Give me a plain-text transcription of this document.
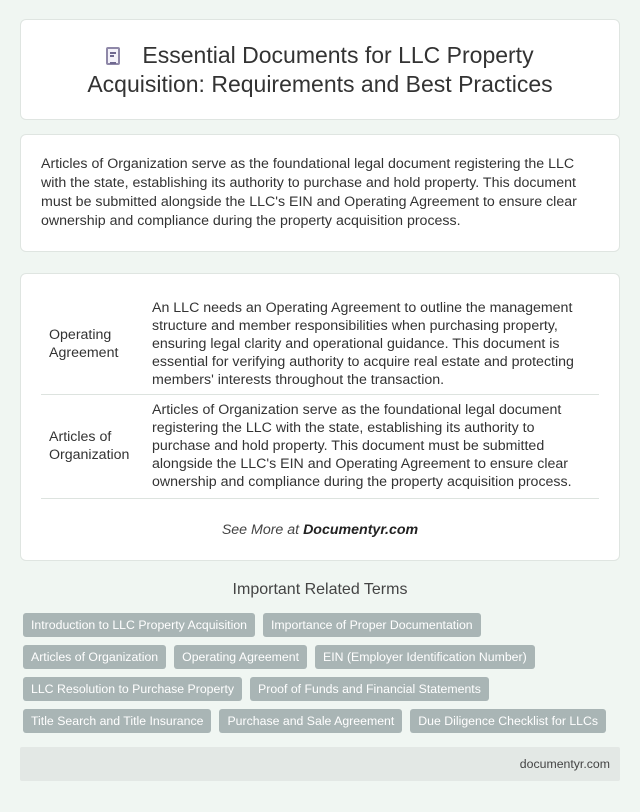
Essential Documents for LLC Property Acquisition: Requirements and Best Practices

Articles of Organization serve as the foundational legal document registering the LLC with the state, establishing its authority to purchase and hold property. This document must be submitted alongside the LLC's EIN and Operating Agreement to ensure clear ownership and compliance during the property acquisition process.

Operating Agreement	An LLC needs an Operating Agreement to outline the management structure and member responsibilities when purchasing property, ensuring legal clarity and operational guidance. This document is essential for verifying authority to acquire real estate and protecting members' interests throughout the transaction.
Articles of Organization	Articles of Organization serve as the foundational legal document registering the LLC with the state, establishing its authority to purchase and hold property. This document must be submitted alongside the LLC's EIN and Operating Agreement to ensure clear ownership and compliance during the property acquisition process.
See More at Documentyr.com
Important Related Terms
Introduction to LLC Property Acquisition	Importance of Proper Documentation
Articles of Organization	Operating Agreement	EIN (Employer Identification Number)
LLC Resolution to Purchase Property	Proof of Funds and Financial Statements
Title Search and Title Insurance	Purchase and Sale Agreement	Due Diligence Checklist for LLCs
documentyr.com
